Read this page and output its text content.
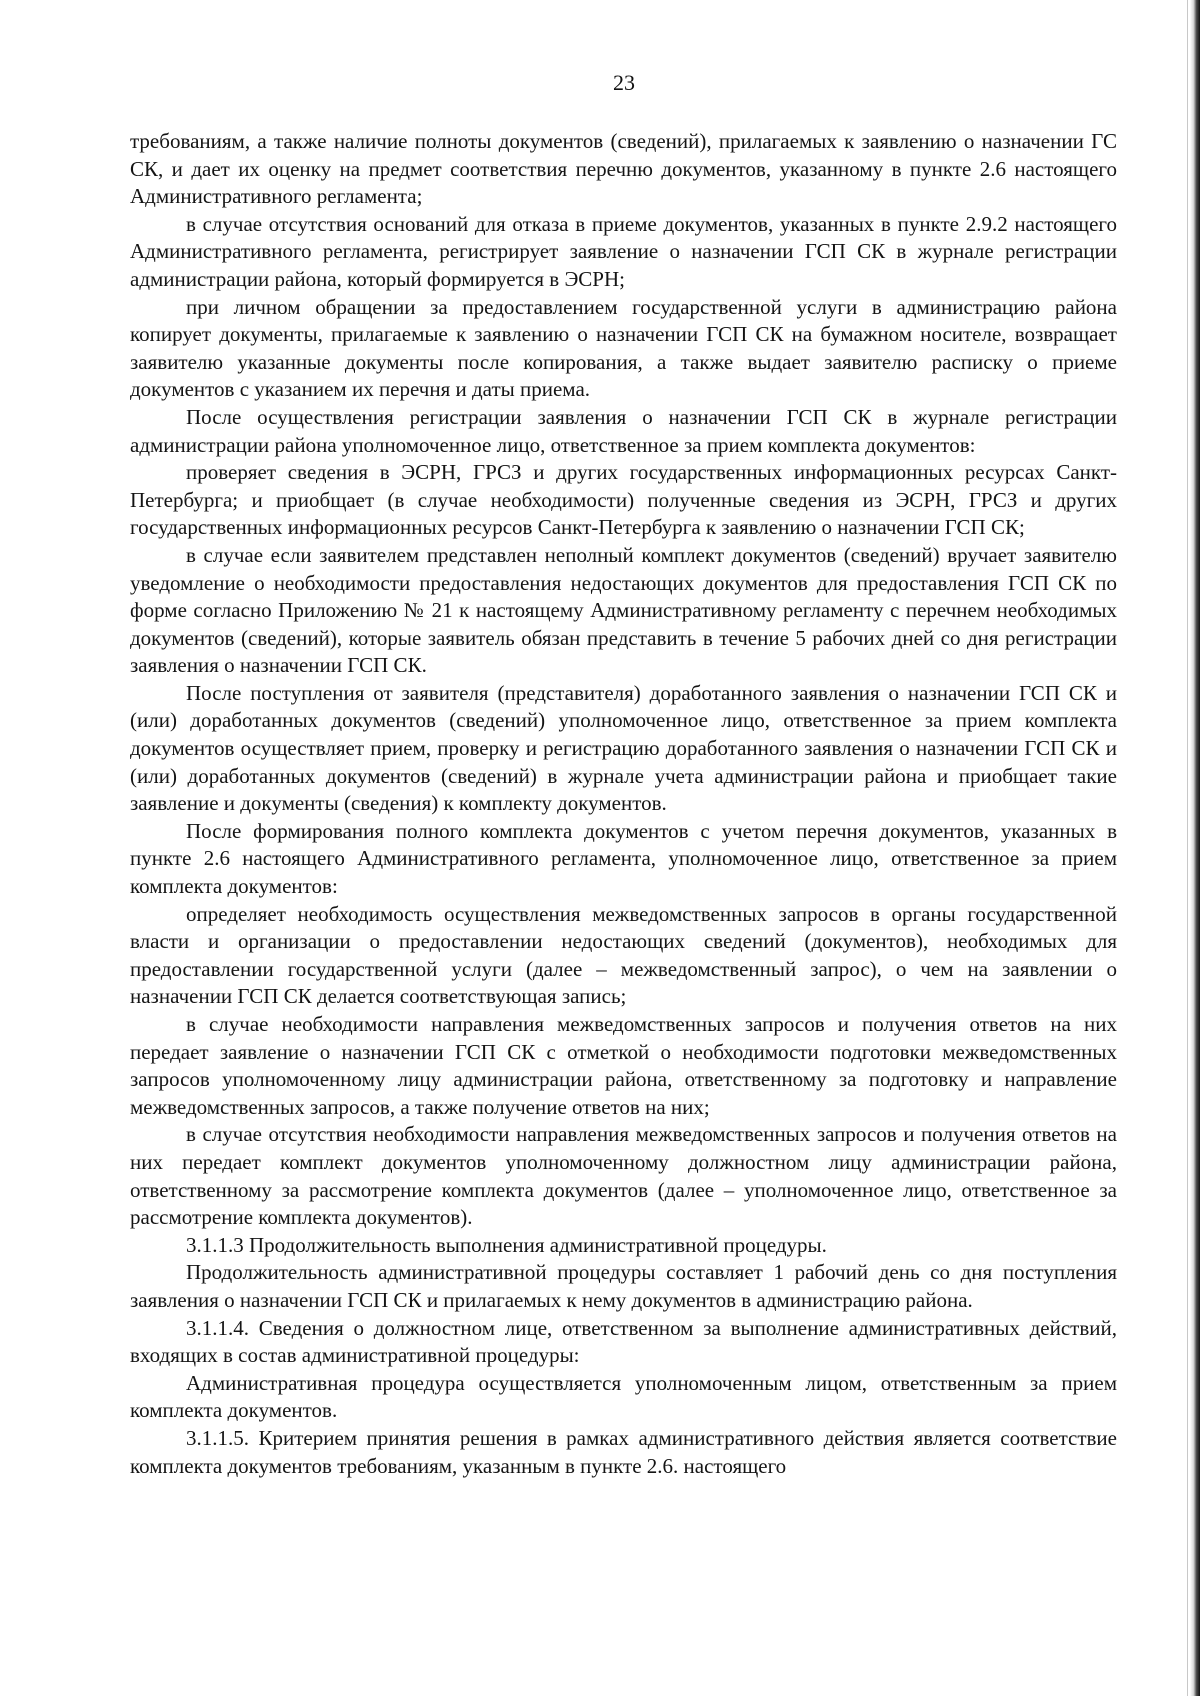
23

требованиям, а также наличие полноты документов (сведений), прилагаемых к заявлению о назначении ГС СК, и дает их оценку на предмет соответствия перечню документов, указанному в пункте 2.6 настоящего Административного регламента;

в случае отсутствия оснований для отказа в приеме документов, указанных в пункте 2.9.2 настоящего Административного регламента, регистрирует заявление о назначении ГСП СК в журнале регистрации администрации района, который формируется в ЭСРН;

при личном обращении за предоставлением государственной услуги в администрацию района копирует документы, прилагаемые к заявлению о назначении ГСП СК на бумажном носителе, возвращает заявителю указанные документы после копирования, а также выдает заявителю расписку о приеме документов с указанием их перечня и даты приема.

После осуществления регистрации заявления о назначении ГСП СК в журнале регистрации администрации района уполномоченное лицо, ответственное за прием комплекта документов:

проверяет сведения в ЭСРН, ГРСЗ и других государственных информационных ресурсах Санкт-Петербурга; и приобщает (в случае необходимости) полученные сведения из ЭСРН, ГРСЗ и других государственных информационных ресурсов Санкт-Петербурга к заявлению о назначении ГСП СК;

в случае если заявителем представлен неполный комплект документов (сведений) вручает заявителю уведомление о необходимости предоставления недостающих документов для предоставления ГСП СК по форме согласно Приложению № 21 к настоящему Административному регламенту с перечнем необходимых документов (сведений), которые заявитель обязан представить в течение 5 рабочих дней со дня регистрации заявления о назначении ГСП СК.

После поступления от заявителя (представителя) доработанного заявления о назначении ГСП СК и (или) доработанных документов (сведений) уполномоченное лицо, ответственное за прием комплекта документов осуществляет прием, проверку и регистрацию доработанного заявления о назначении ГСП СК и (или) доработанных документов (сведений) в журнале учета администрации района и приобщает такие заявление и документы (сведения) к комплекту документов.

После формирования полного комплекта документов с учетом перечня документов, указанных в пункте 2.6 настоящего Административного регламента, уполномоченное лицо, ответственное за прием комплекта документов:

определяет необходимость осуществления межведомственных запросов в органы государственной власти и организации о предоставлении недостающих сведений (документов), необходимых для предоставлении государственной услуги (далее – межведомственный запрос), о чем на заявлении о назначении ГСП СК делается соответствующая запись;

в случае необходимости направления межведомственных запросов и получения ответов на них передает заявление о назначении ГСП СК с отметкой о необходимости подготовки межведомственных запросов уполномоченному лицу администрации района, ответственному за подготовку и направление межведомственных запросов, а также получение ответов на них;

в случае отсутствия необходимости направления межведомственных запросов и получения ответов на них передает комплект документов уполномоченному должностном лицу администрации района, ответственному за рассмотрение комплекта документов (далее – уполномоченное лицо, ответственное за рассмотрение комплекта документов).

3.1.1.3 Продолжительность выполнения административной процедуры.

Продолжительность административной процедуры составляет 1 рабочий день со дня поступления заявления о назначении ГСП СК и прилагаемых к нему документов в администрацию района.

3.1.1.4. Сведения о должностном лице, ответственном за выполнение административных действий, входящих в состав административной процедуры:

Административная процедура осуществляется уполномоченным лицом, ответственным за прием комплекта документов.

3.1.1.5. Критерием принятия решения в рамках административного действия является соответствие комплекта документов требованиям, указанным в пункте 2.6. настоящего
